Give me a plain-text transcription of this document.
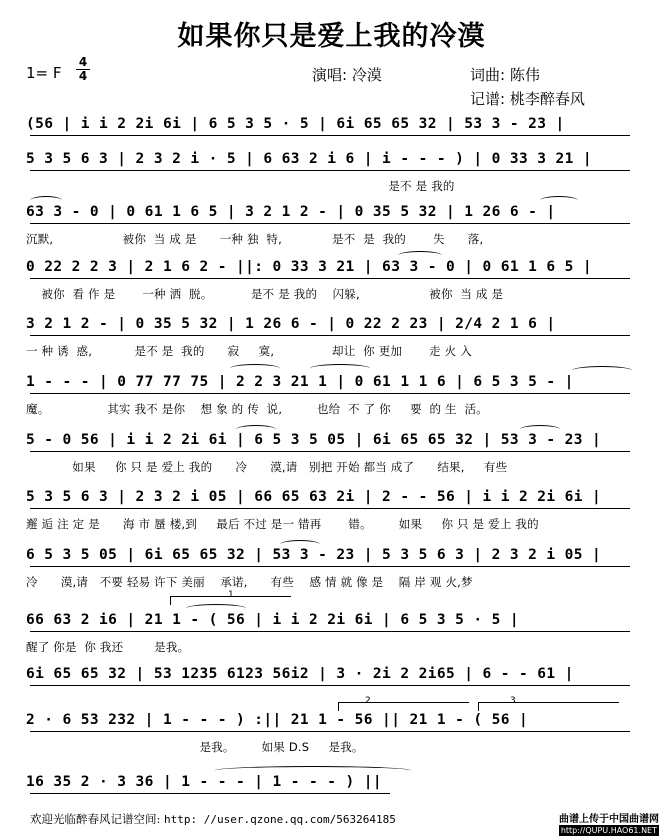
如果你只是爱上我的冷漠
1= F
4
4	演唱: 冷漠	词曲: 陈伟
记谱: 桃李醉春风
(56 | i i 2 2i 6i | 6 5 3 5 · 5 | 6i 65 65 32 | 53 3 - 23 |
5 3 5 6 3 | 2 3 2 i · 5 | 6 63 2 i 6 | i - - - ) | 0 33 3 21 |
是不 是 我的
63 3 - 0 | 0 61 1 6 5 | 3 2 1 2 - | 0 35 5 32 | 1 26 6 - |
沉默,                  被你  当 成 是      一种 独  特,             是不  是  我的       失      落,
0 22 2 2 3 | 2 1 6 2 - ||: 0 33 3 21 | 63 3 - 0 | 0 61 1 6 5 |
被你  看 作 是       一种 洒  脱。          是不 是 我的    闪躲,                  被你  当 成 是
3 2 1 2 - | 0 35 5 32 | 1 26 6 - | 0 22 2 23 | 2/4 2 1 6 |
一 种 诱  惑,           是不 是  我的      寂     寞,               却让  你 更加       走 火 入
1 - - - | 0 77 77 75 | 2 2 3 21 1 | 0 61 1 1 6 | 6 5 3 5 - |
魔。               其实 我不 是你    想 象 的 传  说,         也给  不 了 你     要  的 生  活。
5 - 0 56 | i i 2 2i 6i | 6 5 3 5 05 | 6i 65 65 32 | 53 3 - 23 |
如果     你 只 是 爱上 我的      冷      漠,请   别把 开始 都当 成了      结果,     有些
5 3 5 6 3 | 2 3 2 i 05 | 66 65 63 2i | 2 - - 56 | i i 2 2i 6i |
邂 逅 注 定 是      海 市 蜃 楼,到     最后 不过 是一 错再       错。       如果     你 只 是 爱上 我的
6 5 3 5 05 | 6i 65 65 32 | 53 3 - 23 | 5 3 5 6 3 | 2 3 2 i 05 |
冷      漠,请   不要 轻易 许下 美丽    承诺,      有些    感 情 就 像 是    隔 岸 观 火,梦
66 63 2 i6 | 21 1 - ( 56 | i i 2 2i 6i | 6 5 3 5 · 5 |
醒了 你是  你 我还        是我。
6i 65 65 32 | 53 1235 6123 56i2 | 3 · 2i 2 2i65 | 6 - - 61 |
2 · 6 53 232 | 1 - - - ) :|| 21 1 - 56 || 21 1 - ( 56 |
是我。       如果 D.S     是我。
16 35 2 · 3 36 | 1 - - - | 1 - - - ) ||
1
2	3
欢迎光临醉春风记谱空间: http: //user.qzone.qq.com/563264185	曲谱上传于中国曲谱网
http://QUPU.HAO61.NET
